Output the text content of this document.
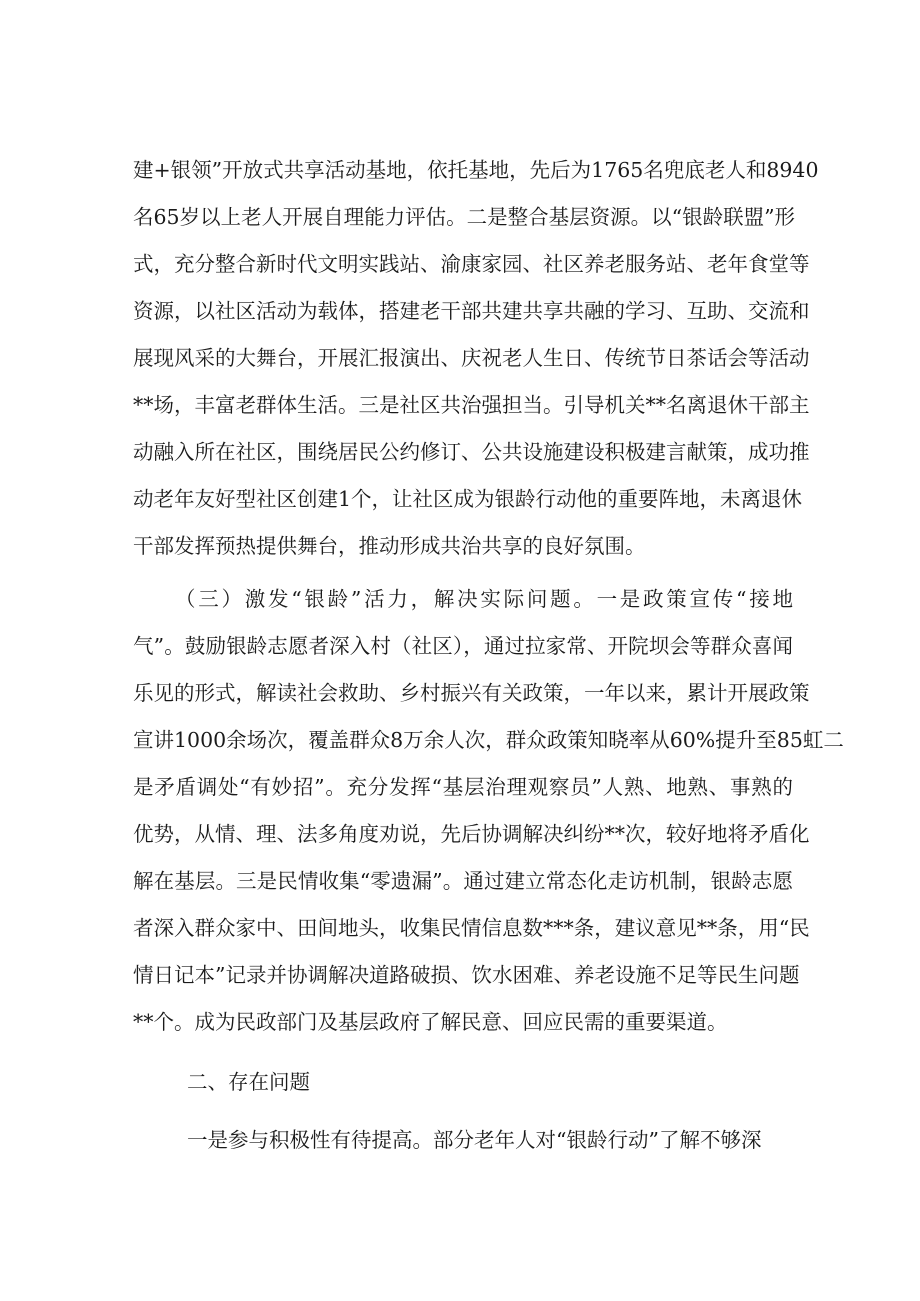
建+银领”开放式共享活动基地，依托基地，先后为1765名兜底老人和8940
名65岁以上老人开展自理能力评估。二是整合基层资源。以“银龄联盟”形
式，充分整合新时代文明实践站、渝康家园、社区养老服务站、老年食堂等
资源，以社区活动为载体，搭建老干部共建共享共融的学习、互助、交流和
展现风采的大舞台，开展汇报演出、庆祝老人生日、传统节日茶话会等活动
**场，丰富老群体生活。三是社区共治强担当。引导机关**名离退休干部主
动融入所在社区，围绕居民公约修订、公共设施建设积极建言献策，成功推
动老年友好型社区创建1个，让社区成为银龄行动他的重要阵地，未离退休
干部发挥预热提供舞台，推动形成共治共享的良好氛围。
（三）激发“银龄”活力，解决实际问题。一是政策宣传“接地
气”。鼓励银龄志愿者深入村（社区），通过拉家常、开院坝会等群众喜闻
乐见的形式，解读社会救助、乡村振兴有关政策，一年以来，累计开展政策
宣讲1000余场次，覆盖群众8万余人次，群众政策知晓率从60%提升至85虹二
是矛盾调处“有妙招”。充分发挥“基层治理观察员”人熟、地熟、事熟的
优势，从情、理、法多角度劝说，先后协调解决纠纷**次，较好地将矛盾化
解在基层。三是民情收集“零遗漏”。通过建立常态化走访机制，银龄志愿
者深入群众家中、田间地头，收集民情信息数***条，建议意见**条，用“民
情日记本”记录并协调解决道路破损、饮水困难、养老设施不足等民生问题
**个。成为民政部门及基层政府了解民意、回应民需的重要渠道。
二、存在问题
一是参与积极性有待提高。部分老年人对“银龄行动”了解不够深
